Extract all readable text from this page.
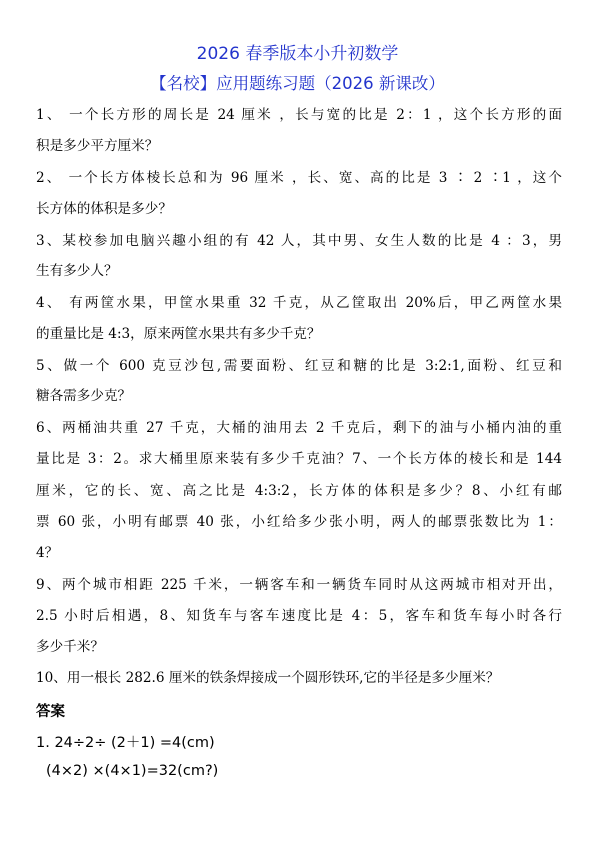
2026 春季版本小升初数学
【名校】应用题练习题（2026 新课改）
1、 一个长方形的周长是 24 厘米 ，长与宽的比是 2：1 ，这个长方形的面
积是多少平方厘米？
2、 一个长方体棱长总和为 96 厘米 ，长、宽、高的比是 3 ∶ 2 ∶1 ，这个
长方体的体积是多少？
3、某校参加电脑兴趣小组的有 42 人，其中男、女生人数的比是 4 ：3，男
生有多少人？
4、 有两筐水果，甲筐水果重 32 千克，从乙筐取出 20%后，甲乙两筐水果
的重量比是 4:3，原来两筐水果共有多少千克？
5、做一个 600 克豆沙包,需要面粉、红豆和糖的比是 3:2:1,面粉、红豆和
糖各需多少克？
6、两桶油共重 27 千克，大桶的油用去 2 千克后，剩下的油与小桶内油的重
量比是 3：2。求大桶里原来装有多少千克油？7、一个长方体的棱长和是 144
厘米，它的长、宽、高之比是 4:3:2，长方体的体积是多少？8、小红有邮
票 60 张，小明有邮票 40 张，小红给多少张小明，两人的邮票张数比为 1：
4？
9、两个城市相距 225 千米，一辆客车和一辆货车同时从这两城市相对开出，
2.5 小时后相遇，8、知货车与客车速度比是 4：5，客车和货车每小时各行
多少千米？
10、用一根长 282.6 厘米的铁条焊接成一个圆形铁环,它的半径是多少厘米？
答案
1. 24÷2÷ (2＋1) =4(cm)
(4×2) ×(4×1)=32(cm?)
